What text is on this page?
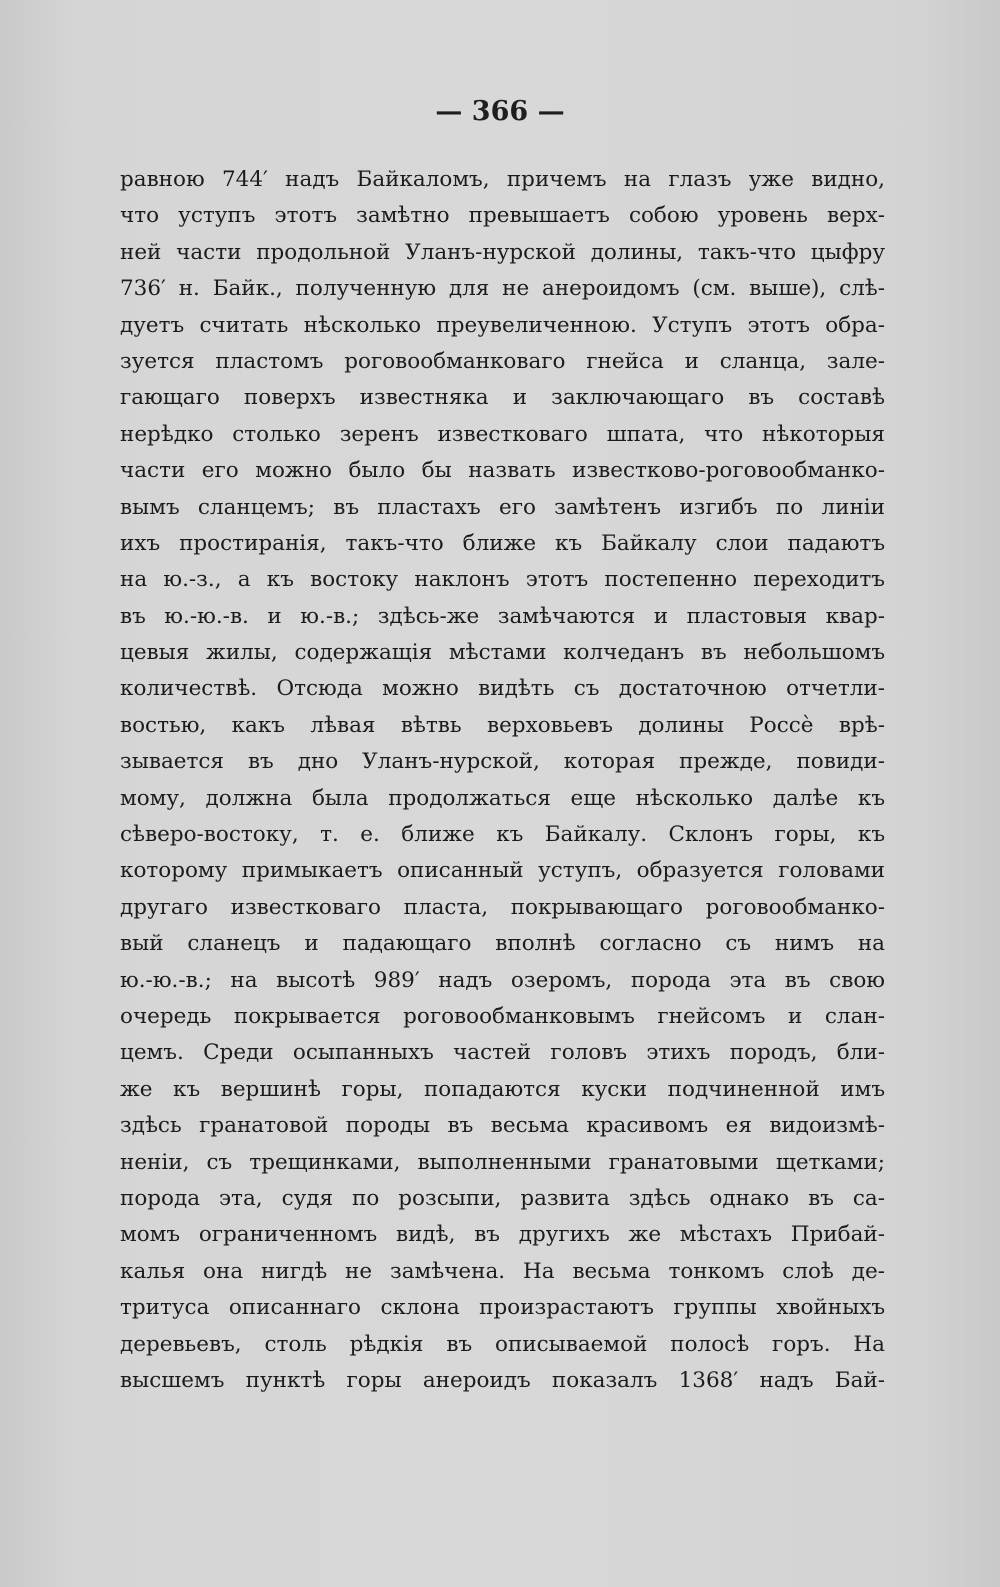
— 366 —
равною 744′ надъ Байкаломъ, причемъ на глазъ уже видно,
что уступъ этотъ замѣтно превышаетъ собою уровень верх-
ней части продольной Уланъ-нурской долины, такъ-что цыфру
736′ н. Байк., полученную для не анероидомъ (см. выше), слѣ-
дуетъ считать нѣсколько преувеличенною. Уступъ этотъ обра-
зуется пластомъ роговообманковаго гнейса и сланца, зале-
гающаго поверхъ известняка и заключающаго въ составѣ
нерѣдко столько зеренъ известковаго шпата, что нѣкоторыя
части его можно было бы назвать известково-роговообманко-
вымъ сланцемъ; въ пластахъ его замѣтенъ изгибъ по линіи
ихъ простиранія, такъ-что ближе къ Байкалу слои падаютъ
на ю.-з., а къ востоку наклонъ этотъ постепенно переходитъ
въ ю.-ю.-в. и ю.-в.; здѣсь-же замѣчаются и пластовыя квар-
цевыя жилы, содержащія мѣстами колчеданъ въ небольшомъ
количествѣ. Отсюда можно видѣть съ достаточною отчетли-
востью, какъ лѣвая вѣтвь верховьевъ долины Россè врѣ-
зывается въ дно Уланъ-нурской, которая прежде, повиди-
мому, должна была продолжаться еще нѣсколько далѣе къ
сѣверо-востоку, т. е. ближе къ Байкалу. Склонъ горы, къ
которому примыкаетъ описанный уступъ, образуется головами
другаго известковаго пласта, покрывающаго роговообманко-
вый сланецъ и падающаго вполнѣ согласно съ нимъ на
ю.-ю.-в.; на высотѣ 989′ надъ озеромъ, порода эта въ свою
очередь покрывается роговообманковымъ гнейсомъ и слан-
цемъ. Среди осыпанныхъ частей головъ этихъ породъ, бли-
же къ вершинѣ горы, попадаются куски подчиненной имъ
здѣсь гранатовой породы въ весьма красивомъ ея видоизмѣ-
неніи, съ трещинками, выполненными гранатовыми щетками;
порода эта, судя по розсыпи, развита здѣсь однако въ са-
момъ ограниченномъ видѣ, въ другихъ же мѣстахъ Прибай-
калья она нигдѣ не замѣчена. На весьма тонкомъ слоѣ де-
тритуса описаннаго склона произрастаютъ группы хвойныхъ
деревьевъ, столь рѣдкія въ описываемой полосѣ горъ. На
высшемъ пунктѣ горы анероидъ показалъ 1368′ надъ Бай-
